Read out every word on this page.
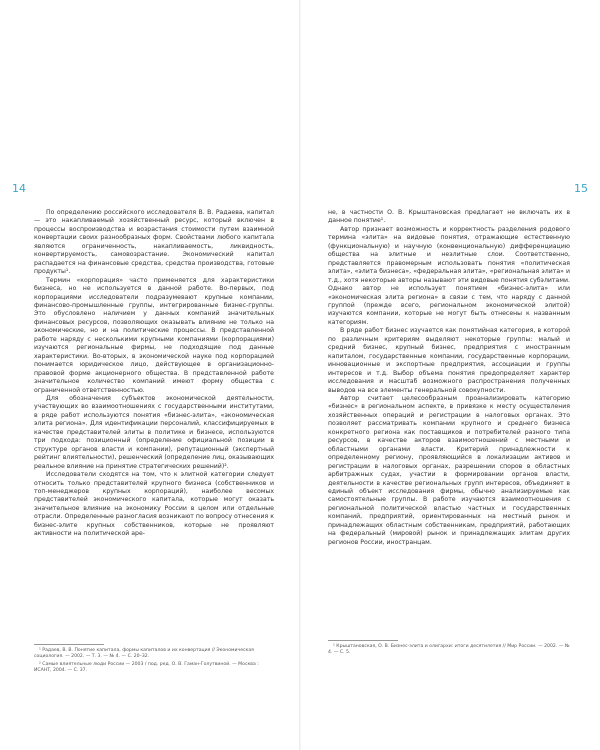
14

По определению российского исследователя В. В. Радаева, капитал — это накапливаемый хозяйственный ресурс, который включен в процессы воспроизводства и возрастания стоимости путем взаимной конвертации своих разнообразных форм. Свойствами любого капитала являются ограниченность, накапливаемость, ликвидность, конвертируемость, самовозрастание. Экономический капитал распадается на финансовые средства, средства производства, готовые продукты¹.

Термин «корпорация» часто применяется для характеристики бизнеса, но не используется в данной работе. Во-первых, под корпорациями исследователи подразумевают крупные компании, финансово-промышленные группы, интегрированные бизнес-группы. Это обусловлено наличием у данных компаний значительных финансовых ресурсов, позволяющих оказывать влияние не только на экономические, но и на политические процессы. В представленной работе наряду с несколькими крупными компаниями (корпорациями) изучаются региональные фирмы, не подходящие под данные характеристики. Во-вторых, в экономической науке под корпорацией понимается юридическое лицо, действующее в организационно-правовой форме акционерного общества. В представленной работе значительное количество компаний имеют форму общества с ограниченной ответственностью.

Для обозначения субъектов экономической деятельности, участвующих во взаимоотношениях с государственными институтами, в ряде работ используются понятия «бизнес-элита», «экономическая элита региона». Для идентификации персоналий, классифицируемых в качестве представителей элиты в политике и бизнесе, используются три подхода: позиционный (определение официальной позиции в структуре органов власти и компании), репутационный (экспертный рейтинг влиятельности), решенческий (определение лиц, оказывающих реальное влияние на принятие стратегических решений)².

Исследователи сходятся на том, что к элитной категории следует относить только представителей крупного бизнеса (собственников и топ-менеджеров крупных корпораций), наиболее весомых представителей экономического капитала, которые могут оказать значительное влияние на экономику России в целом или отдельные отрасли. Определенные разногласия возникают по вопросу отнесения к бизнес-элите крупных собственников, которые не проявляют активности на политической аре-

¹ Радаев, В. В. Понятие капитала, формы капиталов и их конвертация // Экономическая социология. — 2002. — Т. 3. — № 4. — С. 20–32.

² Самые влиятельные люди России — 2003 / под. ред. О. В. Гаман-Голутвиной. — Москва : ИСАНТ, 2004. — С. 37.

15

не, в частности О. В. Крыштановская предлагает не включать их в данное понятие¹.

Автор признает возможность и корректность разделения родового термина «элита» на видовые понятия, отражающие естественную (функциональную) и научную (конвенциональную) дифференциацию общества на элитные и неэлитные слои. Соответственно, представляется правомерным использовать понятия «политическая элита», «элита бизнеса», «федеральная элита», «региональная элита» и т.д., хотя некоторые авторы называют эти видовые понятия субэлитами. Однако автор не использует понятием «бизнес-элита» или «экономическая элита региона» в связи с тем, что наряду с данной группой (прежде всего, региональном экономической элитой) изучаются компании, которые не могут быть отнесены к названным категориям.

В ряде работ бизнес изучается как понятийная категория, в которой по различным критериям выделяют некоторые группы: малый и средний бизнес, крупный бизнес, предприятия с иностранным капиталом, государственные компании, государственные корпорации, инновационные и экспортные предприятия, ассоциации и группы интересов и т.д. Выбор объема понятия предопределяет характер исследования и масштаб возможного распространения полученных выводов на все элементы генеральной совокупности.

Автор считает целесообразным проанализировать категорию «бизнес» в региональном аспекте, в привязке к месту осуществления хозяйственных операций и регистрации в налоговых органах. Это позволяет рассматривать компании крупного и среднего бизнеса конкретного региона как поставщиков и потребителей разного типа ресурсов, в качестве акторов взаимоотношений с местными и областными органами власти. Критерий принадлежности к определенному региону, проявляющийся в локализации активов и регистрации в налоговых органах, разрешении споров в областных арбитражных судах, участии в формировании органов власти, деятельности в качестве региональных групп интересов, объединяет в единый объект исследования фирмы, обычно анализируемые как самостоятельные группы. В работе изучаются взаимоотношения с региональной политической властью частных и государственных компаний, предприятий, ориентированных на местный рынок и принадлежащих областным собственникам, предприятий, работающих на федеральный (мировой) рынок и принадлежащих элитам других регионов России, иностранцам.

¹ Крыштановская, О. В. Бизнес-элита и олигархи: итоги десятилетия // Мир России. — 2002. — № 4. — С. 5.
